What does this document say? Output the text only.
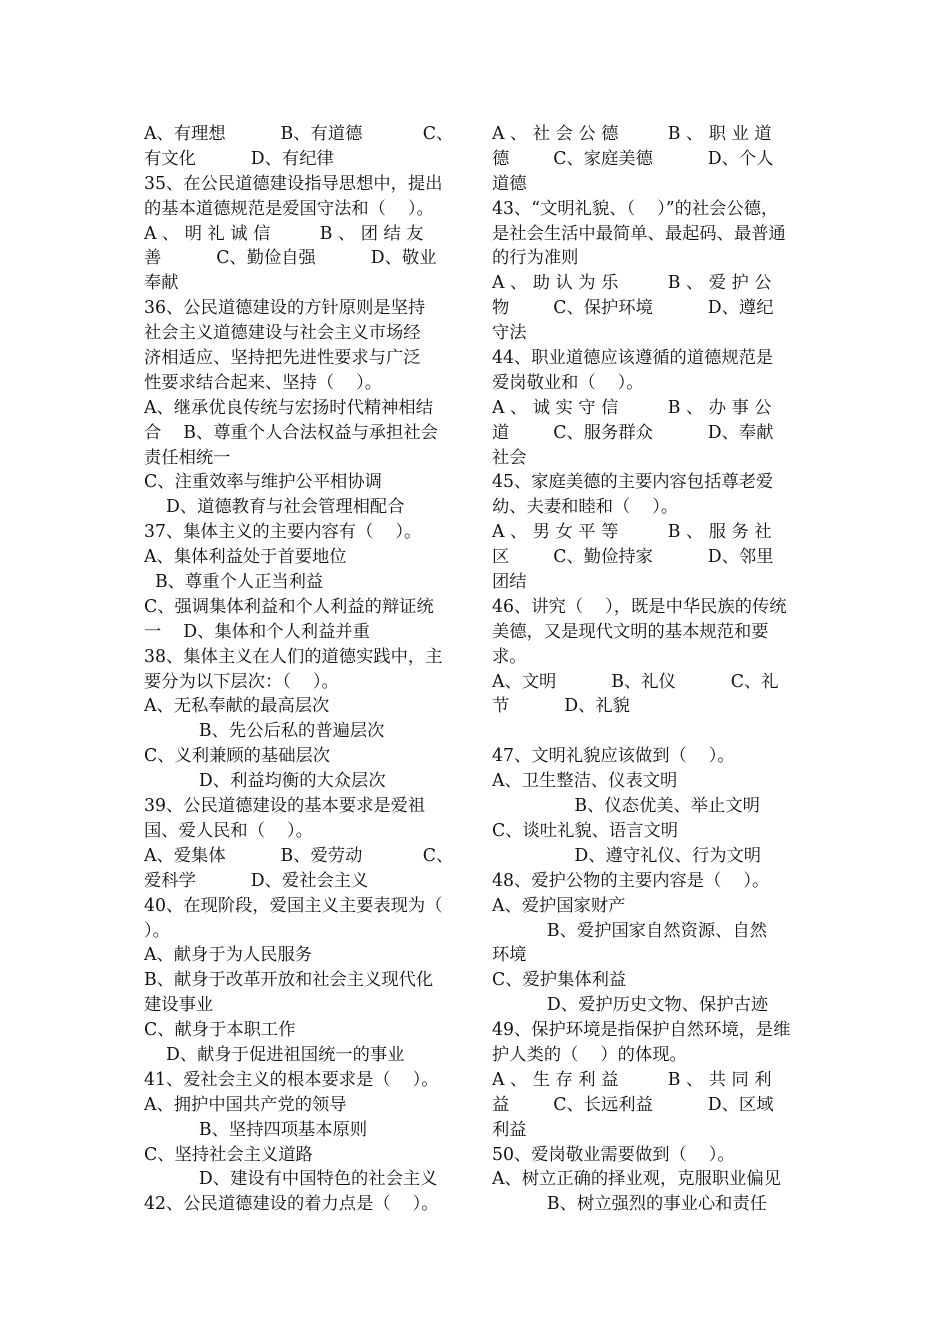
A、有理想          B、有道德           C、
有文化          D、有纪律
35、在公民道德建设指导思想中，提出
的基本道德规范是爱国守法和（    ）。
A 、 明 礼 诚 信         B 、 团 结 友
善          C、勤俭自强          D、敬业
奉献
36、公民道德建设的方针原则是坚持
社会主义道德建设与社会主义市场经
济相适应、坚持把先进性要求与广泛
性要求结合起来、坚持（    ）。
A、继承优良传统与宏扬时代精神相结
合    B、尊重个人合法权益与承担社会
责任相统一
C、注重效率与维护公平相协调
D、道德教育与社会管理相配合
37、集体主义的主要内容有（    ）。
A、集体利益处于首要地位
B、尊重个人正当利益
C、强调集体利益和个人利益的辩证统
一    D、集体和个人利益并重
38、集体主义在人们的道德实践中，主
要分为以下层次：（    ）。
A、无私奉献的最高层次
B、先公后私的普遍层次
C、义利兼顾的基础层次
D、利益均衡的大众层次
39、公民道德建设的基本要求是爱祖
国、爱人民和（    ）。
A、爱集体          B、爱劳动           C、
爱科学          D、爱社会主义
40、在现阶段，爱国主义主要表现为（
）。
A、献身于为人民服务
B、献身于改革开放和社会主义现代化
建设事业
C、献身于本职工作
D、献身于促进祖国统一的事业
41、爱社会主义的根本要求是（    ）。
A、拥护中国共产党的领导
B、坚持四项基本原则
C、坚持社会主义道路
D、建设有中国特色的社会主义
42、公民道德建设的着力点是（    ）。
A 、 社 会 公 德         B 、 职 业 道
德        C、家庭美德          D、个人
道德
43、“文明礼貌、（    ）”的社会公德，
是社会生活中最简单、最起码、最普通
的行为准则
A 、 助 认 为 乐         B 、 爱 护 公
物        C、保护环境          D、遵纪
守法
44、职业道德应该遵循的道德规范是
爱岗敬业和（    ）。
A 、 诚 实 守 信         B 、 办 事 公
道        C、服务群众          D、奉献
社会
45、家庭美德的主要内容包括尊老爱
幼、夫妻和睦和（    ）。
A 、 男 女 平 等         B 、 服 务 社
区        C、勤俭持家          D、邻里
团结
46、讲究（    ），既是中华民族的传统
美德，又是现代文明的基本规范和要
求。
A、文明          B、礼仪          C、礼
节          D、礼貌
47、文明礼貌应该做到（    ）。
A、卫生整洁、仪表文明
B、仪态优美、举止文明
C、谈吐礼貌、语言文明
D、遵守礼仪、行为文明
48、爱护公物的主要内容是（    ）。
A、爱护国家财产
B、爱护国家自然资源、自然
环境
C、爱护集体利益
D、爱护历史文物、保护古迹
49、保护环境是指保护自然环境，是维
护人类的（    ）的体现。
A 、 生 存 利 益         B 、 共 同 利
益        C、长远利益          D、区域
利益
50、爱岗敬业需要做到（    ）。
A、树立正确的择业观，克服职业偏见
B、树立强烈的事业心和责任
